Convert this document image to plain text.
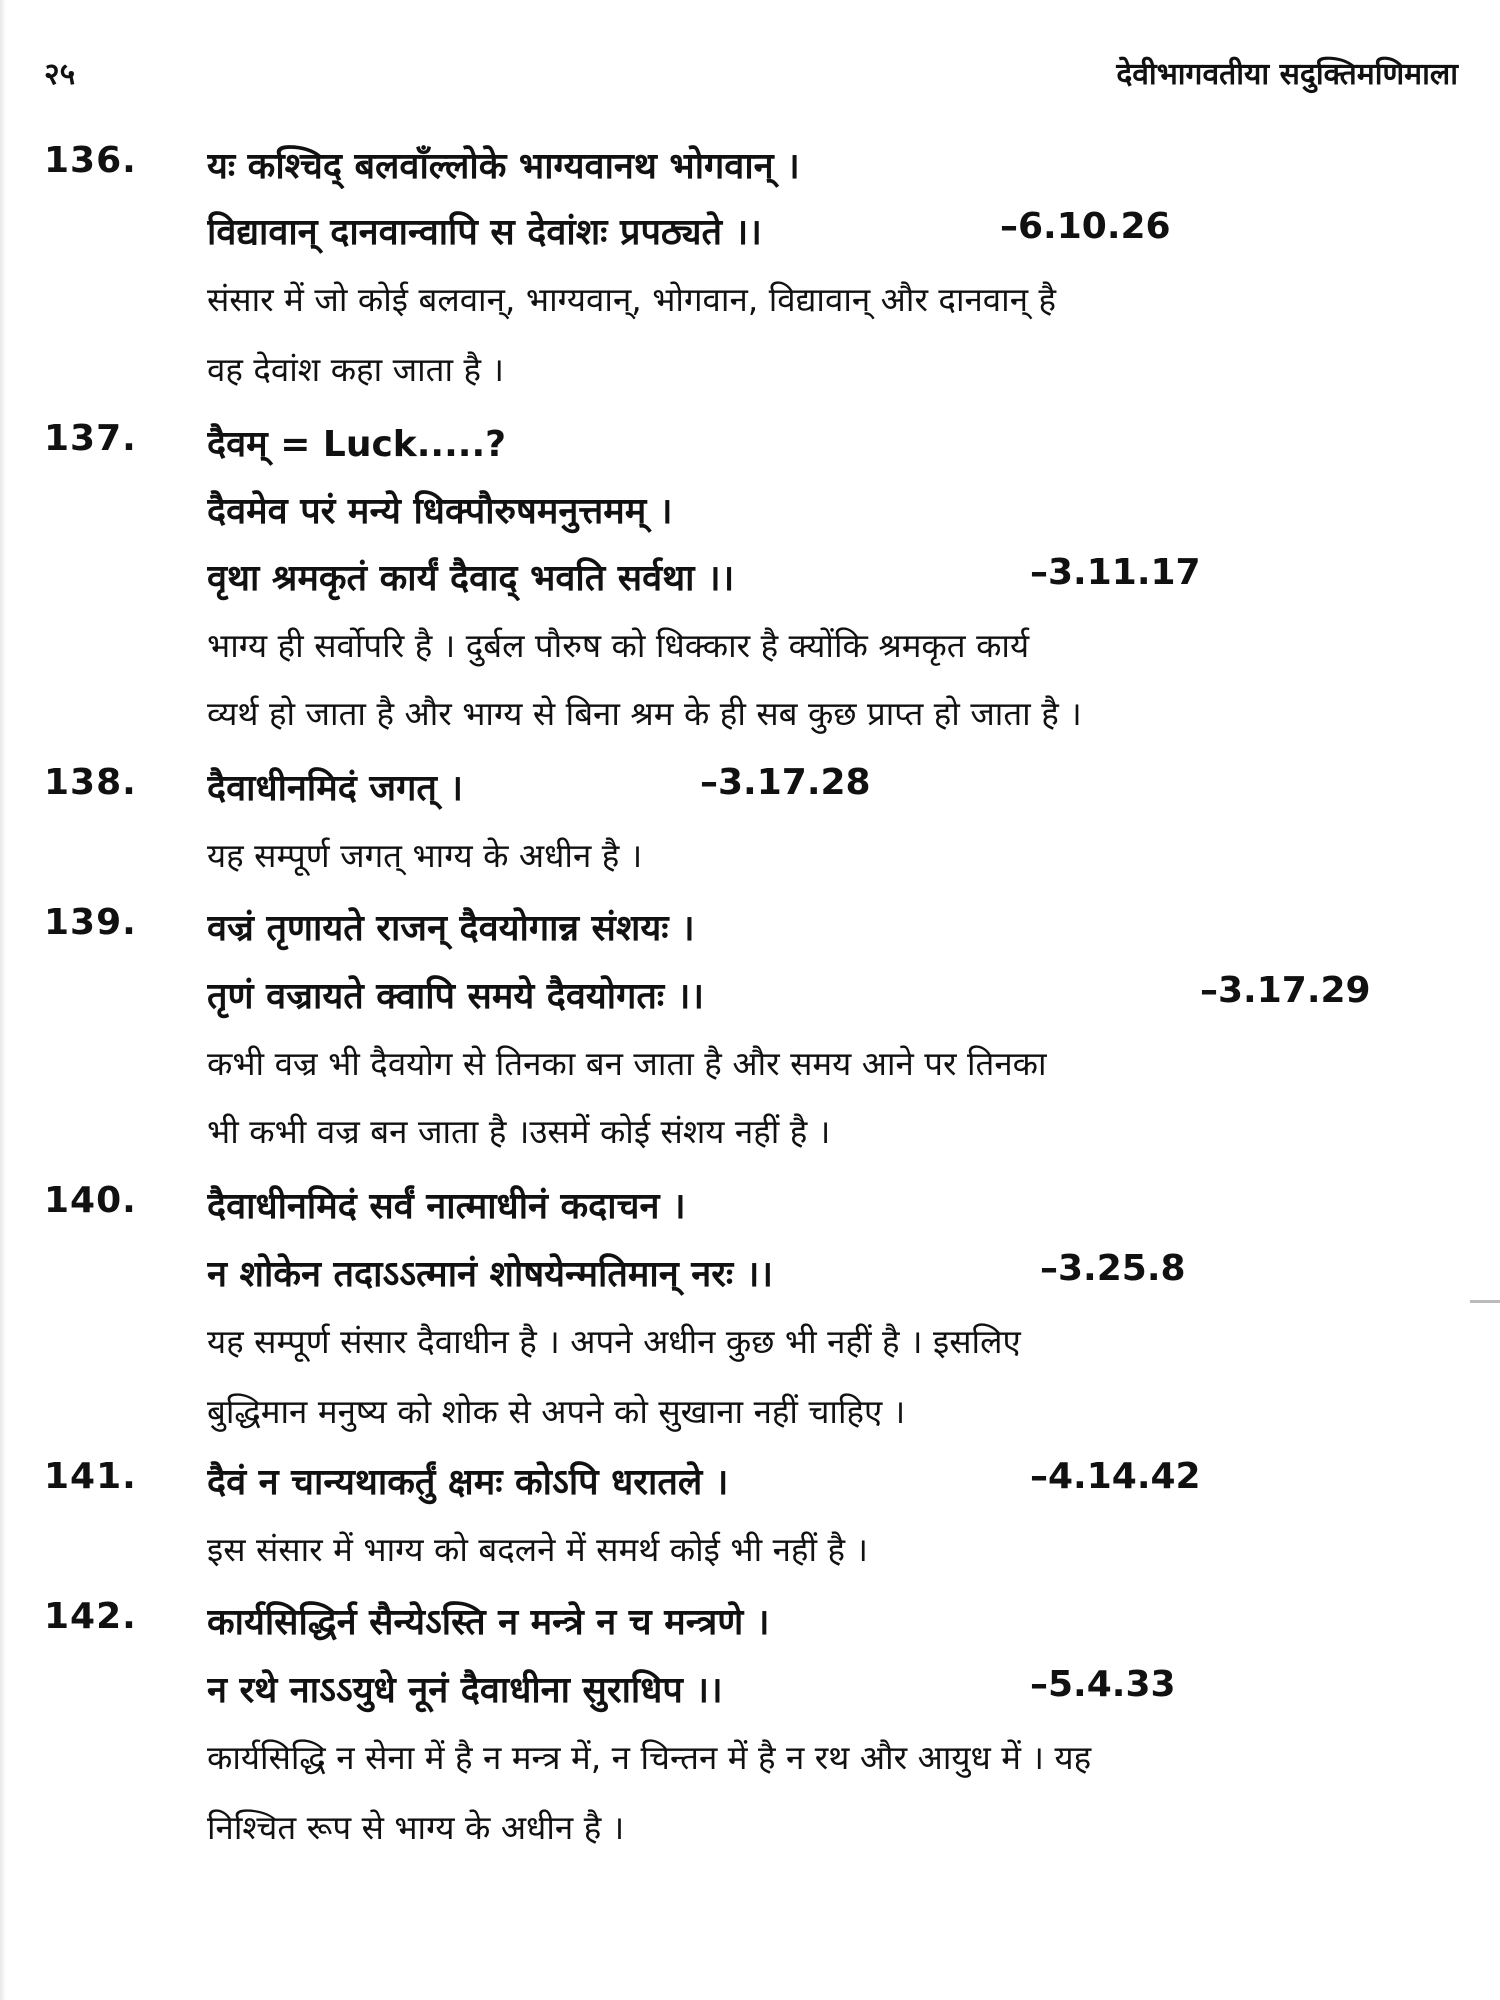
२५	देवीभागवतीया सदुक्तिमणिमाला
136. यः कश्चिद् बलवाँल्लोके भाग्यवानथ भोगवान् ।
विद्यावान् दानवान्वापि स देवांशः प्रपठ्यते ।।	–6.10.26
संसार में जो कोई बलवान्, भाग्यवान्, भोगवान, विद्यावान् और दानवान् है
वह देवांश कहा जाता है ।
137. दैवम् = Luck.....?
दैवमेव परं मन्ये धिक्पौरुषमनुत्तमम् ।
वृथा श्रमकृतं कार्यं दैवाद् भवति सर्वथा ।।	–3.11.17
भाग्य ही सर्वोपरि है । दुर्बल पौरुष को धिक्कार है क्योंकि श्रमकृत कार्य
व्यर्थ हो जाता है और भाग्य से बिना श्रम के ही सब कुछ प्राप्त हो जाता है ।
138. दैवाधीनमिदं जगत् ।	–3.17.28
यह सम्पूर्ण जगत् भाग्य के अधीन है ।
139. वज्रं तृणायते राजन् दैवयोगान्न संशयः ।
तृणं वज्रायते क्वापि समये दैवयोगतः ।।	–3.17.29
कभी वज्र भी दैवयोग से तिनका बन जाता है और समय आने पर तिनका
भी कभी वज्र बन जाता है ।उसमें कोई संशय नहीं है ।
140. दैवाधीनमिदं सर्वं नात्माधीनं कदाचन ।
न शोकेन तदाऽऽत्मानं शोषयेन्मतिमान् नरः ।।	–3.25.8
यह सम्पूर्ण संसार दैवाधीन है । अपने अधीन कुछ भी नहीं है । इसलिए
बुद्धिमान मनुष्य को शोक से अपने को सुखाना नहीं चाहिए ।
141. दैवं न चान्यथाकर्तुं क्षमः कोऽपि धरातले ।	–4.14.42
इस संसार में भाग्य को बदलने में समर्थ कोई भी नहीं है ।
142. कार्यसिद्धिर्न सैन्येऽस्ति न मन्त्रे न च मन्त्रणे ।
न रथे नाऽऽयुधे नूनं दैवाधीना सुराधिप ।।	–5.4.33
कार्यसिद्धि न सेना में है न मन्त्र में, न चिन्तन में है न रथ और आयुध में । यह
निश्चित रूप से भाग्य के अधीन है ।
